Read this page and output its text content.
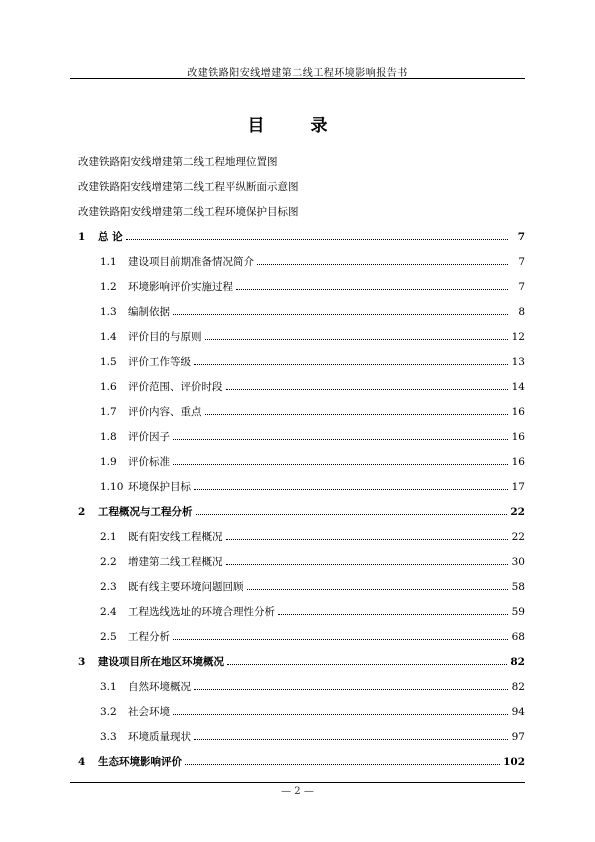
改建铁路阳安线增建第二线工程环境影响报告书
目 录
改建铁路阳安线增建第二线工程地理位置图
改建铁路阳安线增建第二线工程平纵断面示意图
改建铁路阳安线增建第二线工程环境保护目标图
1	总 论	7
1.1	建设项目前期准备情况简介	7
1.2	环境影响评价实施过程	7
1.3	编制依据	8
1.4	评价目的与原则	12
1.5	评价工作等级	13
1.6	评价范围、评价时段	14
1.7	评价内容、重点	16
1.8	评价因子	16
1.9	评价标准	16
1.10 环境保护目标	17
2	工程概况与工程分析	22
2.1	既有阳安线工程概况	22
2.2	增建第二线工程概况	30
2.3	既有线主要环境问题回顾	58
2.4	工程选线选址的环境合理性分析	59
2.5	工程分析	68
3	建设项目所在地区环境概况	82
3.1	自然环境概况	82
3.2	社会环境	94
3.3	环境质量现状	97
4	生态环境影响评价	102
— 2 —
